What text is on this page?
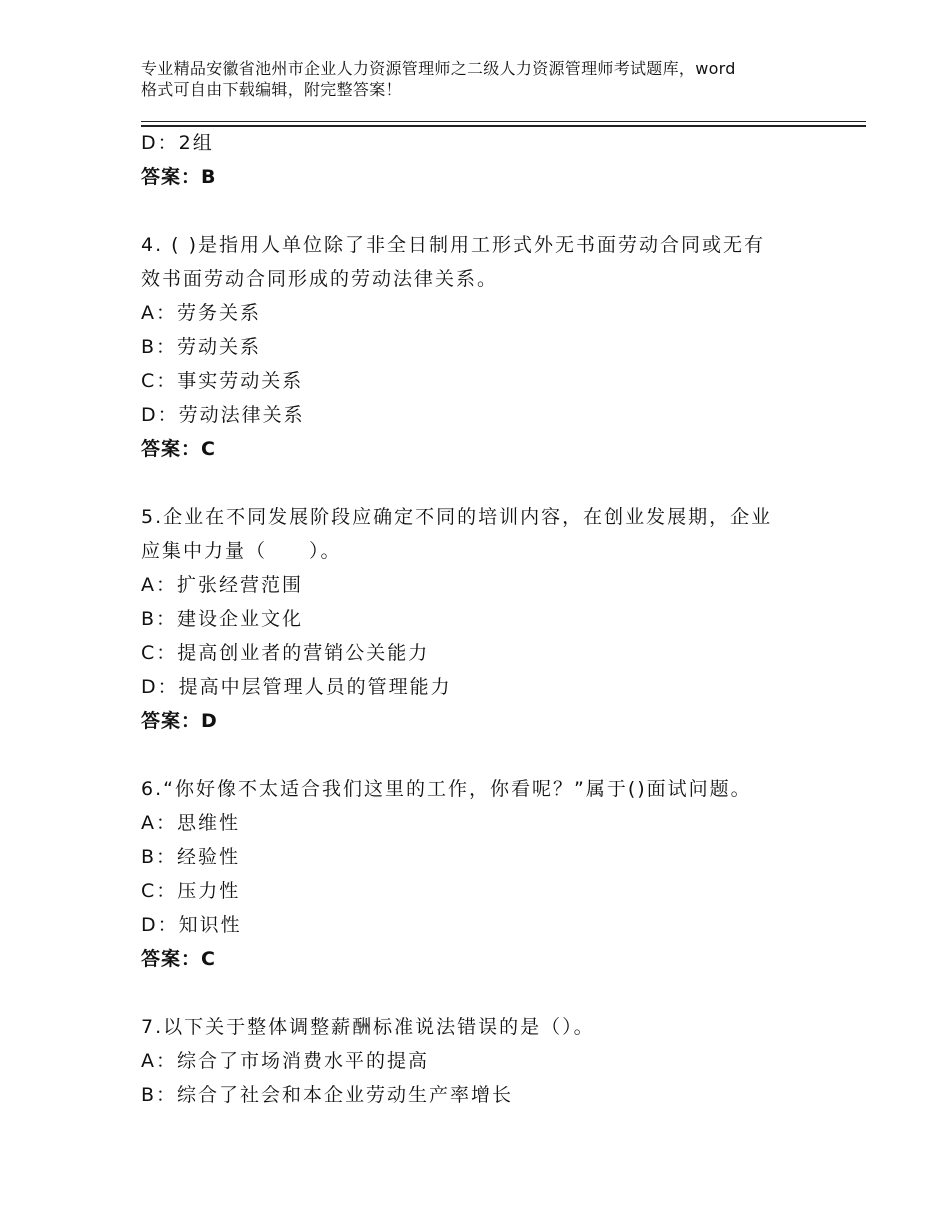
专业精品安徽省池州市企业人力资源管理师之二级人力资源管理师考试题库，word
格式可自由下载编辑，附完整答案！
D：2组
答案：B
4. ( )是指用人单位除了非全日制用工形式外无书面劳动合同或无有
效书面劳动合同形成的劳动法律关系。
A：劳务关系
B：劳动关系
C：事实劳动关系
D：劳动法律关系
答案：C
5.企业在不同发展阶段应确定不同的培训内容，在创业发展期，企业
应集中力量（　　）。
A：扩张经营范围
B：建设企业文化
C：提高创业者的营销公关能力
D：提高中层管理人员的管理能力
答案：D
6.“你好像不太适合我们这里的工作，你看呢？”属于()面试问题。
A：思维性
B：经验性
C：压力性
D：知识性
答案：C
7.以下关于整体调整薪酬标准说法错误的是（）。
A：综合了市场消费水平的提高
B：综合了社会和本企业劳动生产率增长
